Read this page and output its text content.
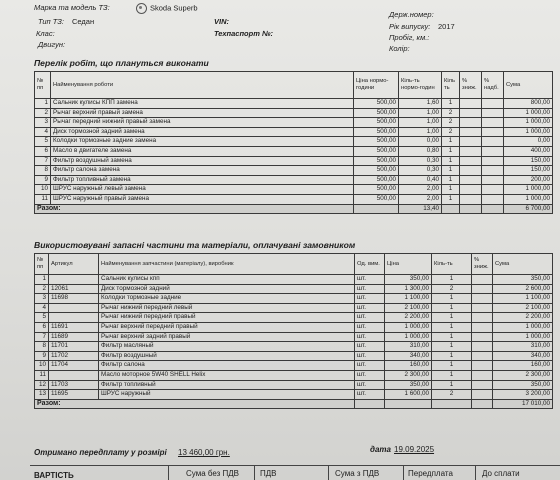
Марка та модель ТЗ:	Skoda Superb
Тип ТЗ: Седан	VIN:
Клас:	Техпаспорт №:
Двигун:
Держ.номер:
Рік випуску: 2017
Пробіг, км.:
Колір:
Перелік робіт, що плануться виконати
№ пп	Найменування роботи	Ціна нормо-години	Кіль-ть нормо-годин	Кіль ть	% зниж.	% надб.	Сума
1	Сальник кулисы КПП замена	500,00	1,60	1			800,00
2	Рычаг верхний правый замена	500,00	1,00	2			1 000,00
3	Рычаг передний нижний правый замена	500,00	1,00	2			1 000,00
4	Диск тормозной задний замена	500,00	1,00	2			1 000,00
5	Колодки тормозные задние замена	500,00	0,00	1			0,00
6	Масло в двигателе замена	500,00	0,80	1			400,00
7	Фильтр воздушный замена	500,00	0,30	1			150,00
8	Фильтр салона замена	500,00	0,30	1			150,00
9	Фильтр топливный замена	500,00	0,40	1			200,00
10	ШРУС наружный левый замена	500,00	2,00	1			1 000,00
11	ШРУС наружный правый замена	500,00	2,00	1			1 000,00
Разом:			13,40				6 700,00
Використовувані запасні частини та матеріали, оплачувані замовником
№ пп	Артикул	Найменування запчастини (матеріалу), виробник	Од. вим.	Ціна	Кіль-ть	% зниж.	Сума
1		Сальник кулисы кпп	шт.	350,00	1		350,00
2	12061	Диск тормозной задний	шт.	1 300,00	2		2 600,00
3	11698	Колодки тормозные задние	шт.	1 100,00	1		1 100,00
4		Рычаг нижний передний левый	шт.	2 100,00	1		2 100,00
5		Рычаг нижний передний правый	шт.	2 200,00	1		2 200,00
6	11691	Рычаг верхний передний правый	шт.	1 000,00	1		1 000,00
7	11689	Рычаг верхний задний правый	шт.	1 000,00	1		1 000,00
8	11701	Фильтр масляный	шт.	310,00	1		310,00
9	11702	Фильтр воздушный	шт.	340,00	1		340,00
10	11704	Фильтр салона	шт.	160,00	1		160,00
11		Масло моторное 5W40 SHELL Helix	шт.	2 300,00	1		2 300,00
12	11703	Фильтр топливный	шт.	350,00	1		350,00
13	11695	ШРУС наружный	шт.	1 600,00	2		3 200,00
Разом:							17 010,00
Отримано передплату у розмірі 13 460,00 грн.	дата 19.09.2025
ВАРТІСТЬ	Сума без ПДВ	ПДВ	Сума з ПДВ	Передплата	До сплати
